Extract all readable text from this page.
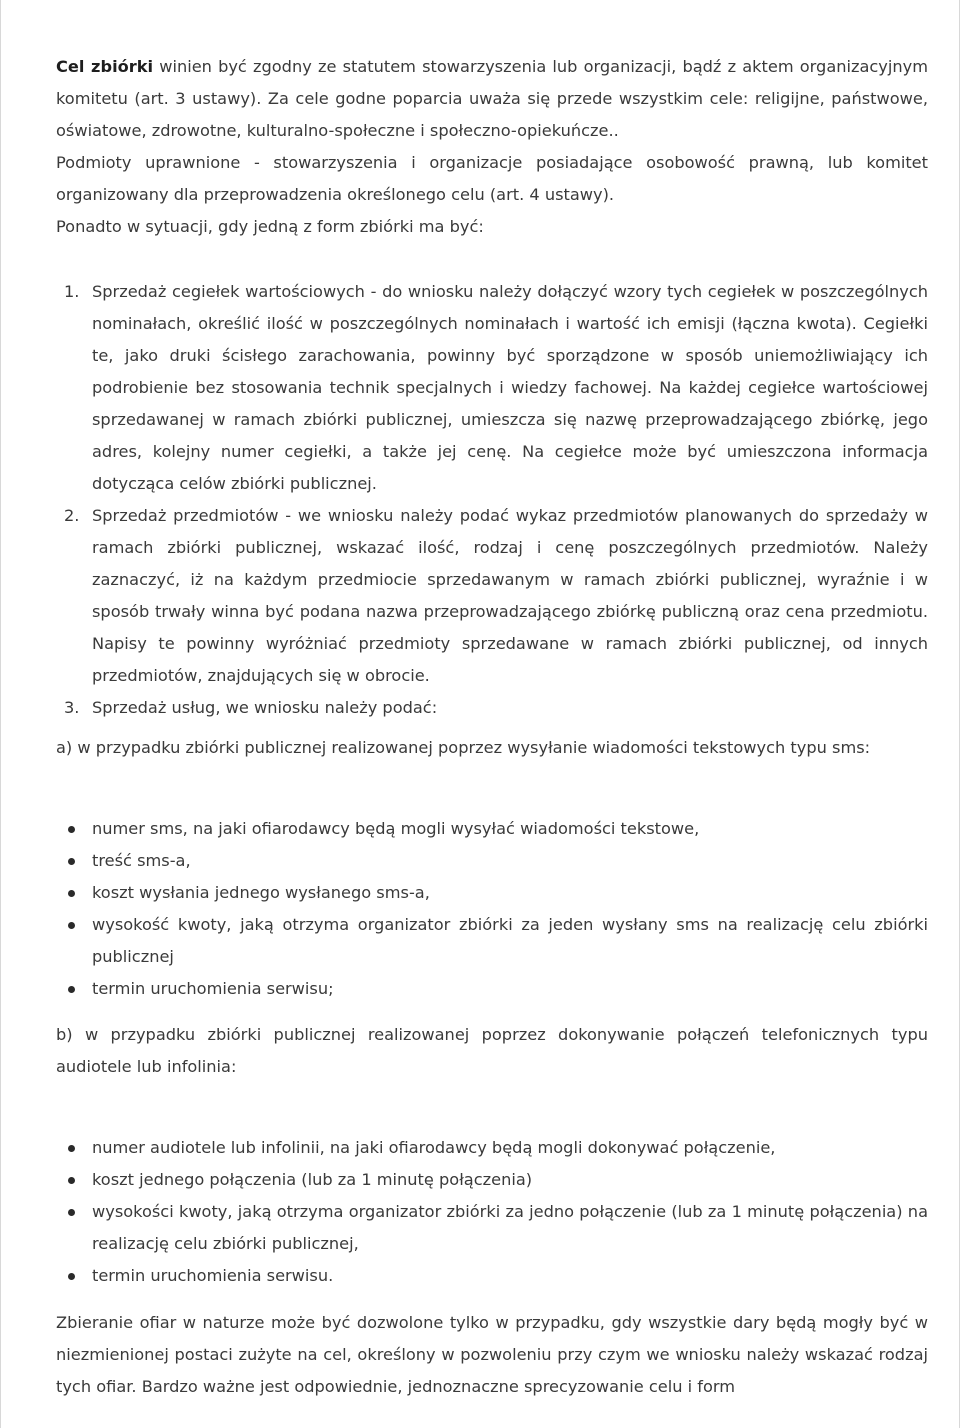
Cel zbiórki winien być zgodny ze statutem stowarzyszenia lub organizacji, bądź z aktem organizacyjnym komitetu (art. 3 ustawy). Za cele godne poparcia uważa się przede wszystkim cele: religijne, państwowe, oświatowe, zdrowotne, kulturalno-społeczne i społeczno-opiekuńcze..

Podmioty uprawnione - stowarzyszenia i organizacje posiadające osobowość prawną, lub komitet organizowany dla przeprowadzenia określonego celu (art. 4 ustawy).

Ponadto w sytuacji, gdy jedną z form zbiórki ma być:

1. Sprzedaż cegiełek wartościowych - do wniosku należy dołączyć wzory tych cegiełek w poszczególnych nominałach, określić ilość w poszczególnych nominałach i wartość ich emisji (łączna kwota). Cegiełki te, jako druki ścisłego zarachowania, powinny być sporządzone w sposób uniemożliwiający ich podrobienie bez stosowania technik specjalnych i wiedzy fachowej. Na każdej cegiełce wartościowej sprzedawanej w ramach zbiórki publicznej, umieszcza się nazwę przeprowadzającego zbiórkę, jego adres, kolejny numer cegiełki, a także jej cenę. Na cegiełce może być umieszczona informacja dotycząca celów zbiórki publicznej.
2. Sprzedaż przedmiotów - we wniosku należy podać wykaz przedmiotów planowanych do sprzedaży w ramach zbiórki publicznej, wskazać ilość, rodzaj i cenę poszczególnych przedmiotów. Należy zaznaczyć, iż na każdym przedmiocie sprzedawanym w ramach zbiórki publicznej, wyraźnie i w sposób trwały winna być podana nazwa przeprowadzającego zbiórkę publiczną oraz cena przedmiotu. Napisy te powinny wyróżniać przedmioty sprzedawane w ramach zbiórki publicznej, od innych przedmiotów, znajdujących się w obrocie.
3. Sprzedaż usług, we wniosku należy podać:

a) w przypadku zbiórki publicznej realizowanej poprzez wysyłanie wiadomości tekstowych typu sms:

numer sms, na jaki ofiarodawcy będą mogli wysyłać wiadomości tekstowe,
treść sms-a,
koszt wysłania jednego wysłanego sms-a,
wysokość kwoty, jaką otrzyma organizator zbiórki za jeden wysłany sms na realizację celu zbiórki publicznej
termin uruchomienia serwisu;

b) w przypadku zbiórki publicznej realizowanej poprzez dokonywanie połączeń telefonicznych typu audiotele lub infolinia:

numer audiotele lub infolinii, na jaki ofiarodawcy będą mogli dokonywać połączenie,
koszt jednego połączenia (lub za 1 minutę połączenia)
wysokości kwoty, jaką otrzyma organizator zbiórki za jedno połączenie (lub za 1 minutę połączenia) na realizację celu zbiórki publicznej,
termin uruchomienia serwisu.

Zbieranie ofiar w naturze może być dozwolone tylko w przypadku, gdy wszystkie dary będą mogły być w niezmienionej postaci zużyte na cel, określony w pozwoleniu przy czym we wniosku należy wskazać rodzaj tych ofiar. Bardzo ważne jest odpowiednie, jednoznaczne sprecyzowanie celu i form
